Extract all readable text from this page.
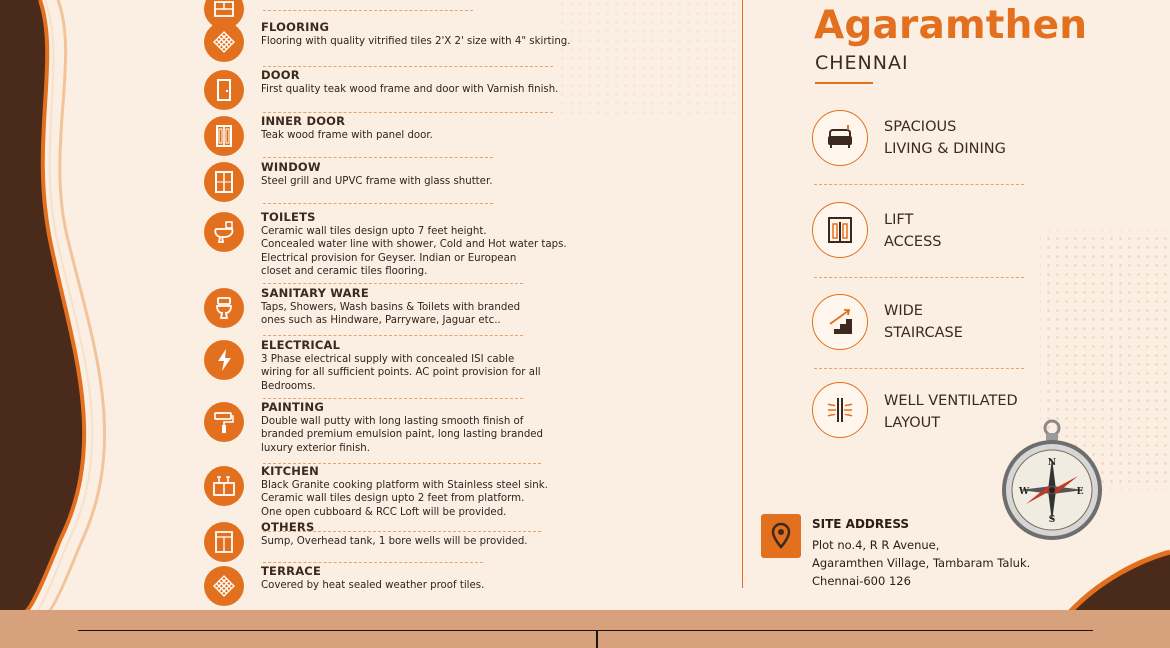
FLOORING
Flooring with quality vitrified tiles 2'X 2' size with 4" skirting.
DOOR
First quality teak wood frame and door with Varnish finish.
INNER DOOR
Teak wood frame with panel door.
WINDOW
Steel grill and UPVC frame with glass shutter.
TOILETS
Ceramic wall tiles design upto 7 feet height.
Concealed water line with shower, Cold and Hot water taps.
Electrical provision for Geyser. Indian or European
closet and ceramic tiles flooring.
SANITARY WARE
Taps, Showers, Wash basins & Toilets with branded
ones such as Hindware, Parryware, Jaguar etc..
ELECTRICAL
3 Phase electrical supply with concealed ISI cable
wiring for all sufficient points. AC point provision for all
Bedrooms.
PAINTING
Double wall putty with long lasting smooth finish of
branded premium emulsion paint, long lasting branded
luxury exterior finish.
KITCHEN
Black Granite cooking platform with Stainless steel sink.
Ceramic wall tiles design upto 2 feet from platform.
One open cubboard & RCC Loft will be provided.
OTHERS
Sump, Overhead tank, 1 bore wells will be provided.
TERRACE
Covered by heat sealed weather proof tiles.
Agaramthen
CHENNAI
SPACIOUS
LIVING & DINING
LIFT
ACCESS
WIDE
STAIRCASE
WELL VENTILATED
LAYOUT
N
E
S
W
SITE ADDRESS
Plot no.4, R R Avenue,
Agaramthen Village, Tambaram Taluk.
Chennai-600 126
